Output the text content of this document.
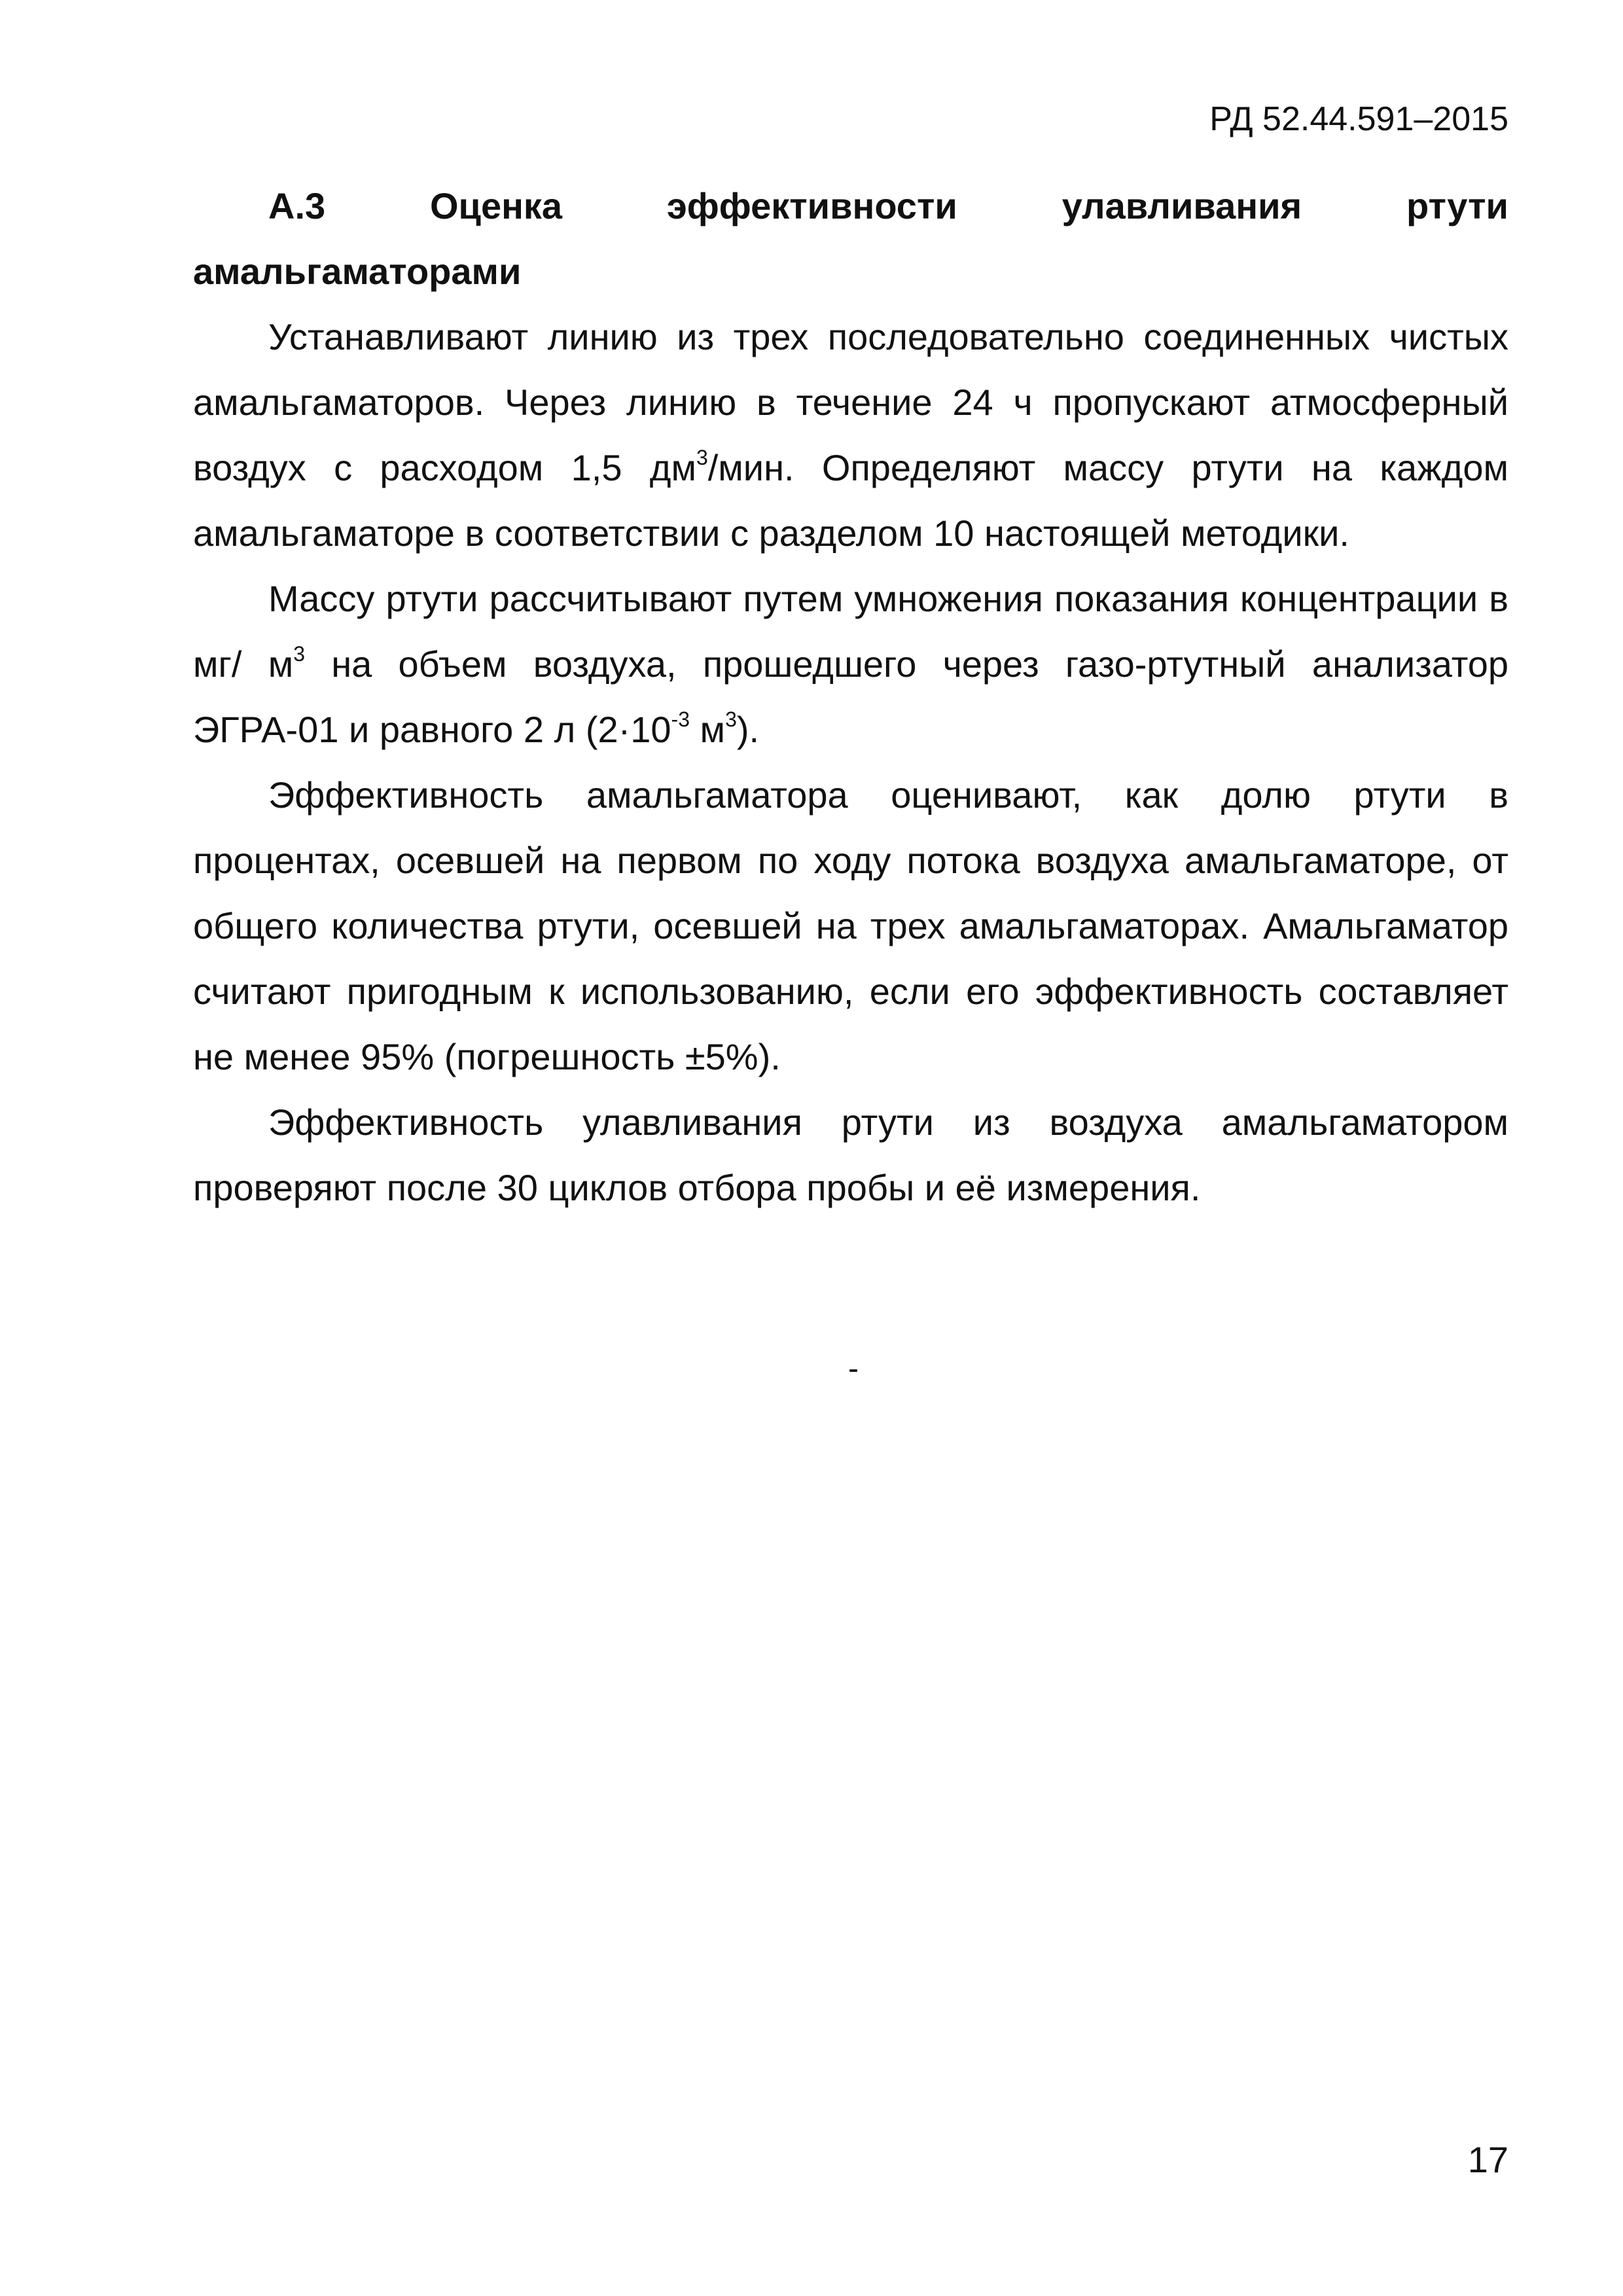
РД 52.44.591–2015
А.3	Оценка	эффективности	улавливания	ртути
амальгаматорами

Устанавливают линию из трех последовательно соединенных чистых амальгаматоров. Через линию в течение 24 ч пропускают атмосферный воздух с расходом 1,5 $дм^3$/мин. Определяют массу ртути на каждом амальгаматоре в соответствии с разделом 10 настоящей методики.

Массу ртути рассчитывают путем умножения показания концентрации в мг/ $м^3$ на объем воздуха, прошедшего через газо-ртутный анализатор ЭГРА-01 и равного 2 л ($2\cdot 10^{-3}$ $м^3$).

Эффективность амальгаматора оценивают, как долю ртути в процентах, осевшей на первом по ходу потока воздуха амальгаматоре, от общего количества ртути, осевшей на трех амальгаматорах. Амальгаматор считают пригодным к использованию, если его эффективность составляет не менее 95% (погрешность ±5%).

Эффективность улавливания ртути из воздуха амальгаматором проверяют после 30 циклов отбора пробы и её измерения.

-
17
